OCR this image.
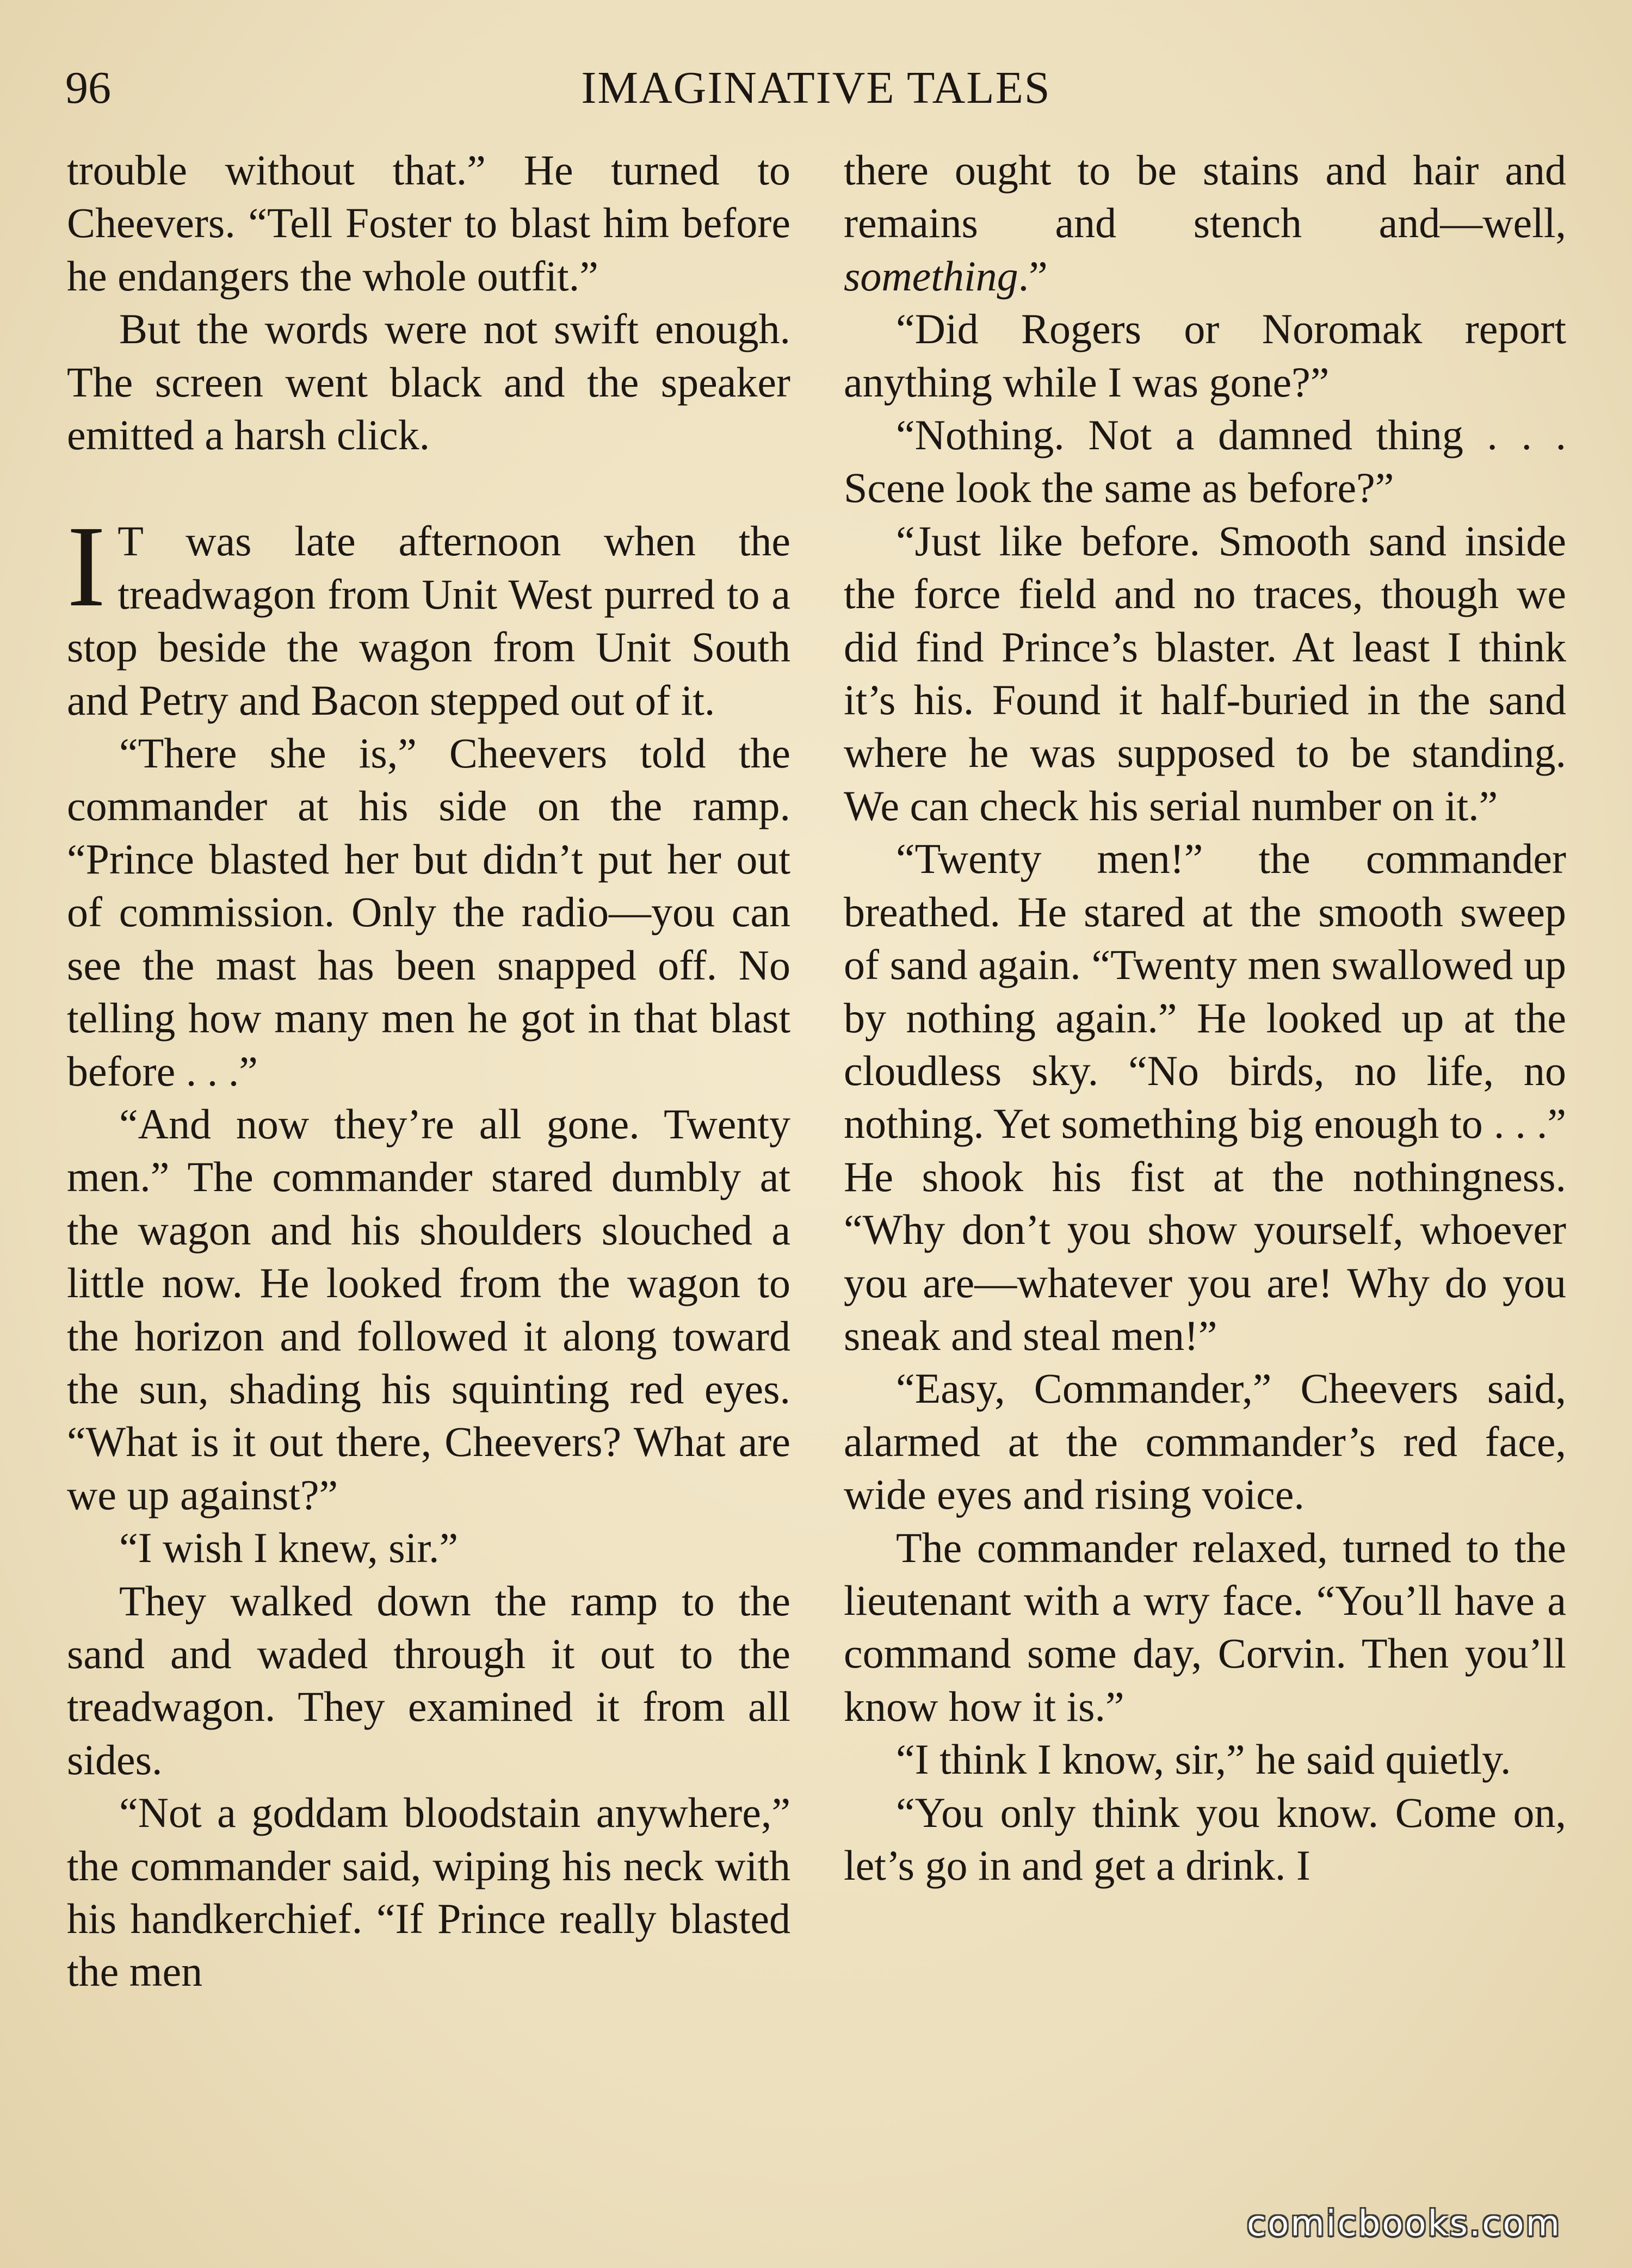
96	IMAGINATIVE TALES

trouble without that.” He turned to Cheevers. “Tell Foster to blast him before he endangers the whole outfit.”

But the words were not swift enough. The screen went black and the speaker emitted a harsh click.

I T was late afternoon when the treadwagon from Unit West purred to a stop beside the wagon from Unit South and Petry and Bacon stepped out of it.

“There she is,” Cheevers told the commander at his side on the ramp. “Prince blasted her but didn’t put her out of commission. Only the radio—you can see the mast has been snapped off. No telling how many men he got in that blast before . . .”

“And now they’re all gone. Twenty men.” The commander stared dumbly at the wagon and his shoulders slouched a little now. He looked from the wagon to the horizon and followed it along toward the sun, shading his squinting red eyes. “What is it out there, Cheevers? What are we up against?”

“I wish I knew, sir.”

They walked down the ramp to the sand and waded through it out to the treadwagon. They examined it from all sides.

“Not a goddam bloodstain anywhere,” the commander said, wiping his neck with his handkerchief. “If Prince really blasted the men

there ought to be stains and hair and remains and stench and—well, something.”

“Did Rogers or Noromak report anything while I was gone?”

“Nothing. Not a damned thing . . . Scene look the same as before?”

“Just like before. Smooth sand inside the force field and no traces, though we did find Prince’s blaster. At least I think it’s his. Found it half-buried in the sand where he was supposed to be standing. We can check his serial number on it.”

“Twenty men!” the commander breathed. He stared at the smooth sweep of sand again. “Twenty men swallowed up by nothing again.” He looked up at the cloudless sky. “No birds, no life, no nothing. Yet something big enough to . . .” He shook his fist at the nothingness. “Why don’t you show yourself, whoever you are—whatever you are! Why do you sneak and steal men!”

“Easy, Commander,” Cheevers said, alarmed at the commander’s red face, wide eyes and rising voice.

The commander relaxed, turned to the lieutenant with a wry face. “You’ll have a command some day, Corvin. Then you’ll know how it is.”

“I think I know, sir,” he said quietly.

“You only think you know. Come on, let’s go in and get a drink. I

comicbooks.com
